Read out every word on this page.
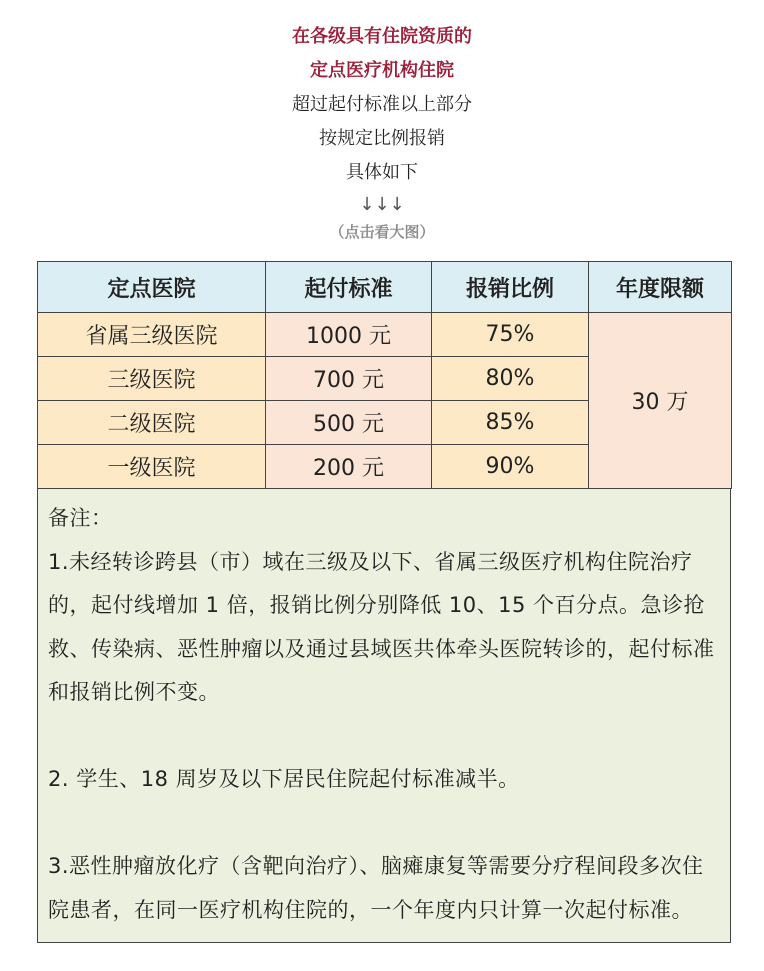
在各级具有住院资质的
定点医疗机构住院
超过起付标准以上部分
按规定比例报销
具体如下
↓↓↓
（点击看大图）
定点医院	起付标准	报销比例	年度限额
省属三级医院	1000 元	75%	30 万
三级医院	700 元	80%	
二级医院	500 元	85%	
一级医院	200 元	90%	

备注：

1.未经转诊跨县（市）域在三级及以下、省属三级医疗机构住院治疗的，起付线增加 1 倍，报销比例分别降低 10、15 个百分点。急诊抢救、传染病、恶性肿瘤以及通过县域医共体牵头医院转诊的，起付标准和报销比例不变。

2. 学生、18 周岁及以下居民住院起付标准减半。

3.恶性肿瘤放化疗（含靶向治疗）、脑瘫康复等需要分疗程间段多次住院患者，在同一医疗机构住院的，一个年度内只计算一次起付标准。
